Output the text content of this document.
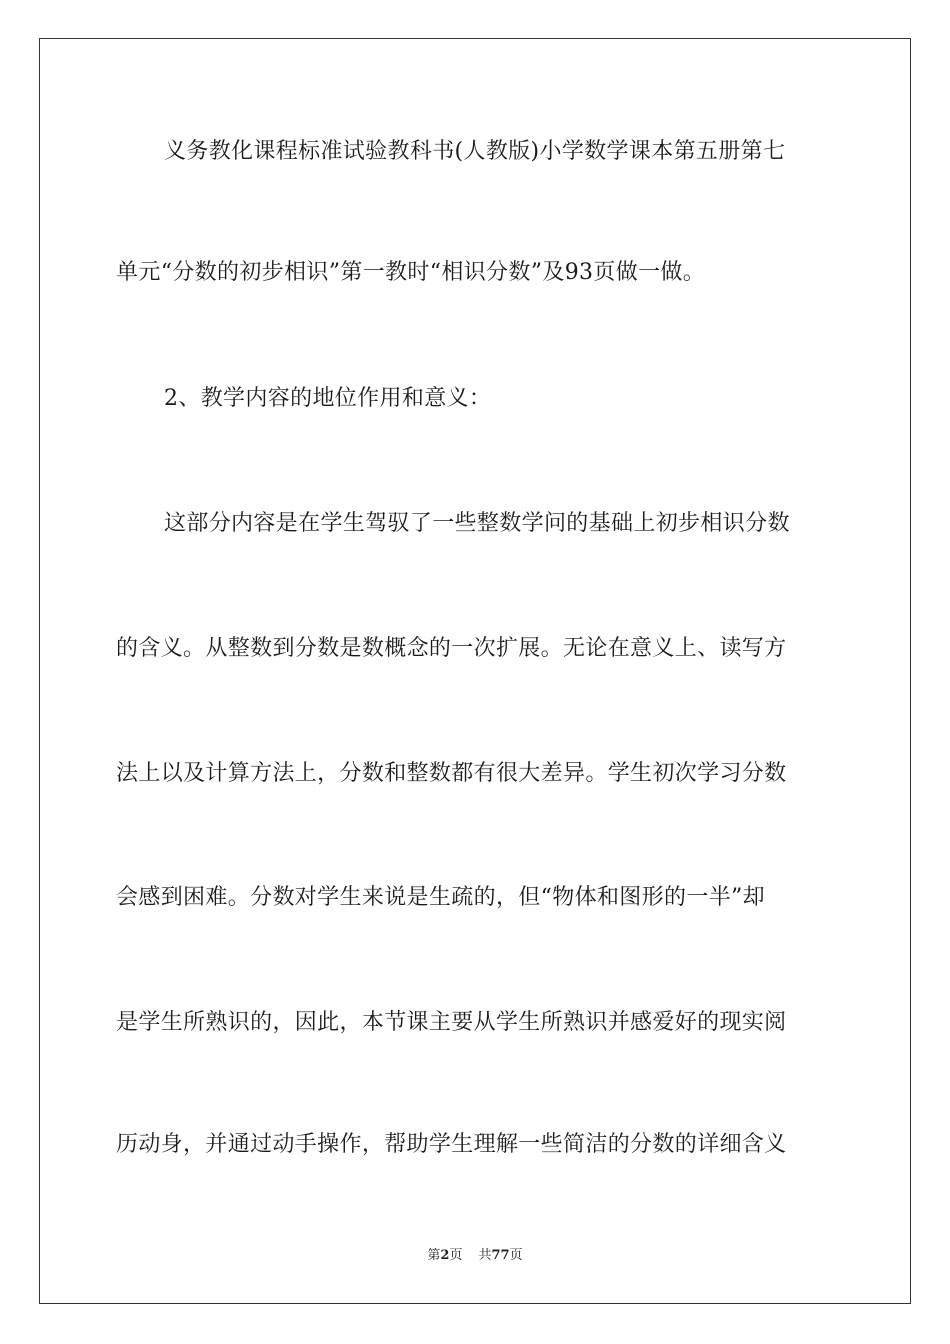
义务教化课程标准试验教科书(人教版)小学数学课本第五册第七
单元“分数的初步相识”第一教时“相识分数”及93页做一做。
2、教学内容的地位作用和意义：
这部分内容是在学生驾驭了一些整数学问的基础上初步相识分数
的含义。从整数到分数是数概念的一次扩展。无论在意义上、读写方
法上以及计算方法上，分数和整数都有很大差异。学生初次学习分数
会感到困难。分数对学生来说是生疏的，但“物体和图形的一半”却
是学生所熟识的，因此，本节课主要从学生所熟识并感爱好的现实阅
历动身，并通过动手操作，帮助学生理解一些简洁的分数的详细含义
第2页 共77页
